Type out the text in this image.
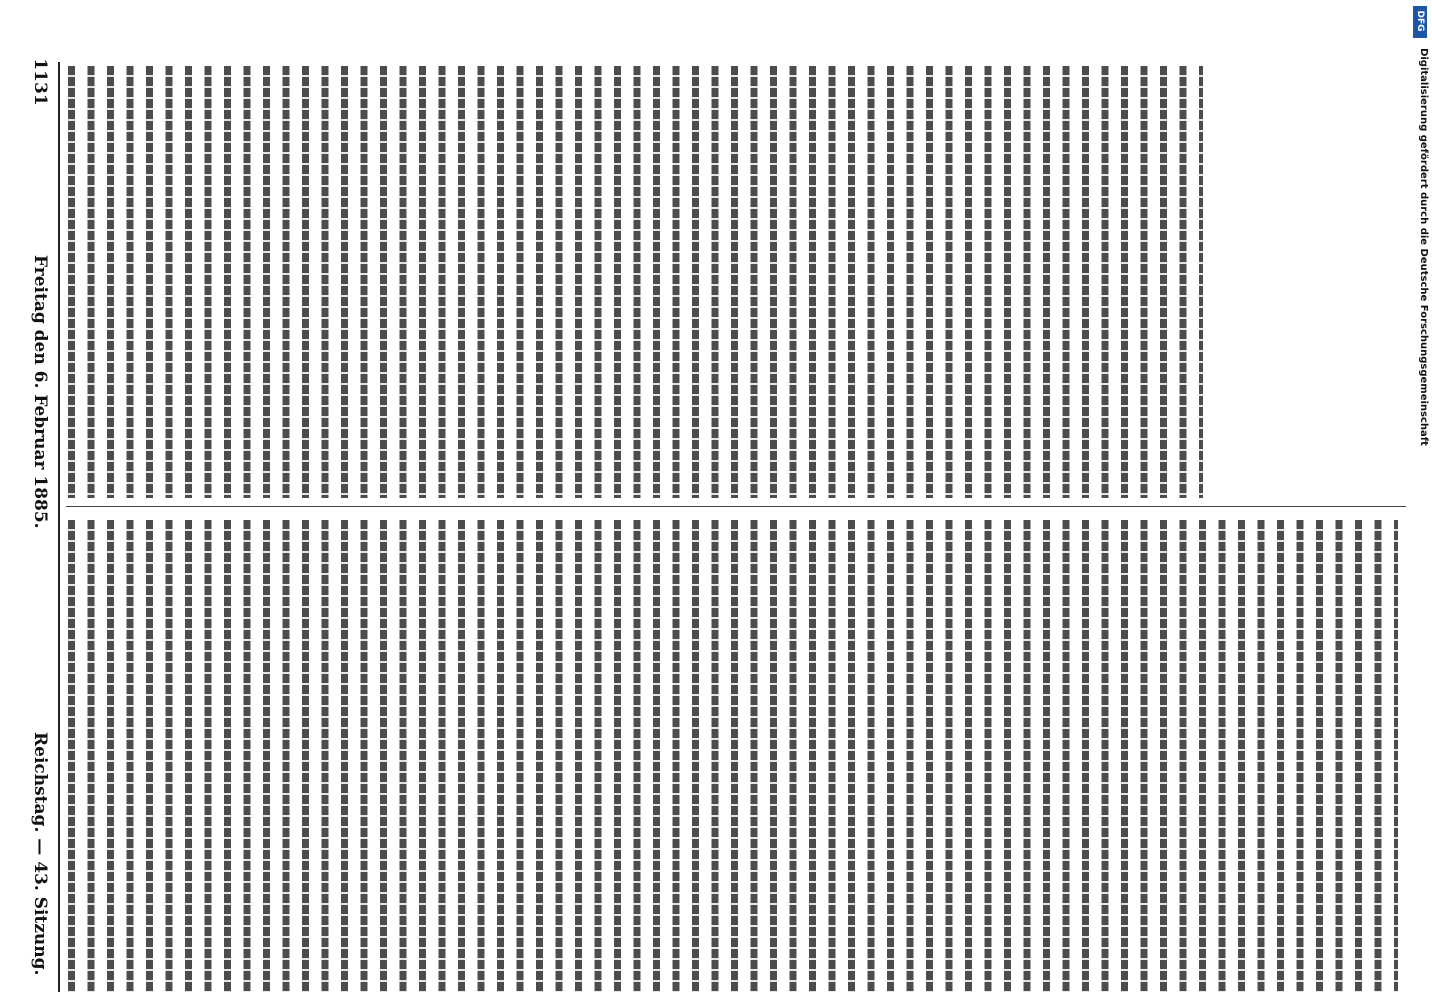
Reichstag. — 43. Sitzung.
Freitag den 6. Februar 1885.
1131	Digitalisierung gefördert durch die Deutsche Forschungsgemeinschaft
DFG
